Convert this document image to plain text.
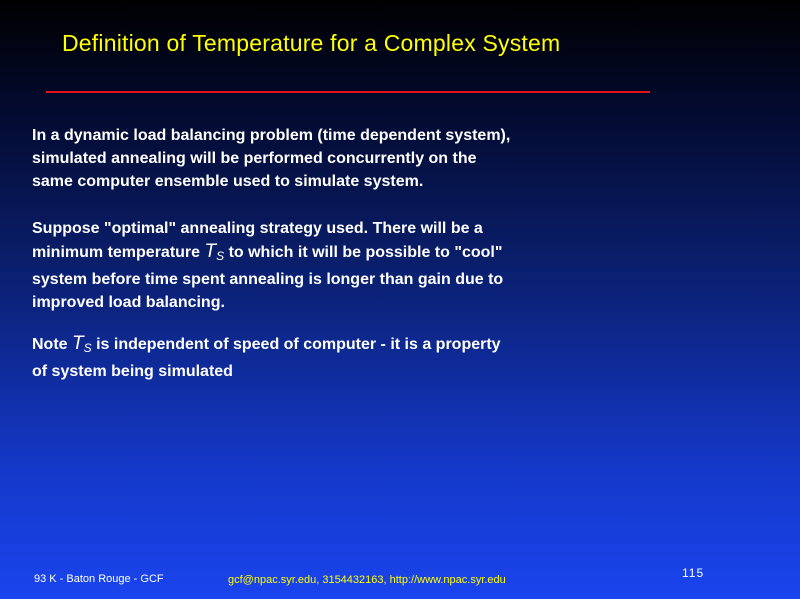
Definition of Temperature for a Complex System
In a dynamic load balancing problem (time dependent system),
simulated annealing will be performed concurrently on the
same computer ensemble used to simulate system.
Suppose "optimal" annealing strategy used. There will be a
minimum temperature $T_S$ to which it will be possible to "cool"
system before time spent annealing is longer than gain due to
improved load balancing.
Note $T_S$ is independent of speed of computer - it is a property
of system being simulated
93 K - Baton Rouge - GCF	gcf@npac.syr.edu, 3154432163, http://www.npac.syr.edu	115
